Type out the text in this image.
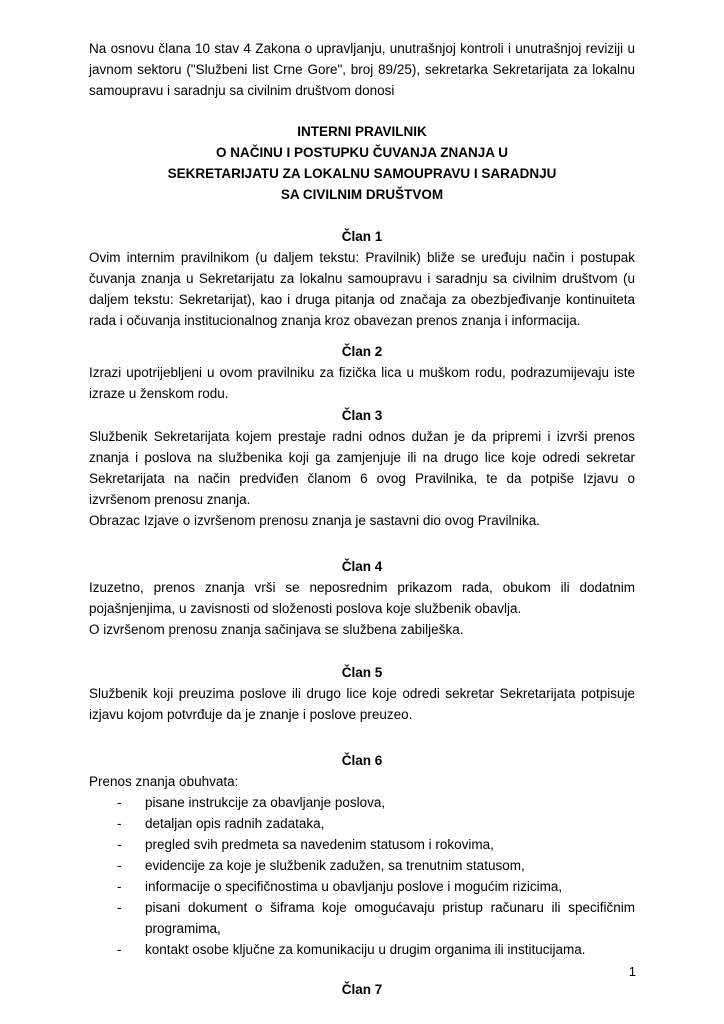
Na osnovu člana 10 stav 4 Zakona o upravljanju, unutrašnjoj kontroli i unutrašnjoj reviziji u javnom sektoru ("Službeni list Crne Gore", broj 89/25), sekretarka Sekretarijata za lokalnu samoupravu i saradnju sa civilnim društvom donosi

INTERNI PRAVILNIK
O NAČINU I POSTUPKU ČUVANJA ZNANJA U
SEKRETARIJATU ZA LOKALNU SAMOUPRAVU I SARADNJU
SA CIVILNIM DRUŠTVOM
Član 1

Ovim internim pravilnikom (u daljem tekstu: Pravilnik) bliže se uređuju način i postupak čuvanja znanja u Sekretarijatu za lokalnu samoupravu i saradnju sa civilnim društvom (u daljem tekstu: Sekretarijat), kao i druga pitanja od značaja za obezbjeđivanje kontinuiteta rada i očuvanja institucionalnog znanja kroz obavezan prenos znanja i informacija.

Član 2

Izrazi upotrijebljeni u ovom pravilniku za fizička lica u muškom rodu, podrazumijevaju iste izraze u ženskom rodu.

Član 3

Službenik Sekretarijata kojem prestaje radni odnos dužan je da pripremi i izvrši prenos znanja i poslova na službenika koji ga zamjenjuje ili na drugo lice koje odredi sekretar Sekretarijata na način predviđen članom 6 ovog Pravilnika, te da potpiše Izjavu o izvršenom prenosu znanja.

Obrazac Izjave o izvršenom prenosu znanja je sastavni dio ovog Pravilnika.

Član 4

Izuzetno, prenos znanja vrši se neposrednim prikazom rada, obukom ili dodatnim pojašnjenjima, u zavisnosti od složenosti poslova koje službenik obavlja.

O izvršenom prenosu znanja sačinjava se službena zabilješka.

Član 5

Službenik koji preuzima poslove ili drugo lice koje odredi sekretar Sekretarijata potpisuje izjavu kojom potvrđuje da je znanje i poslove preuzeo.

Član 6

Prenos znanja obuhvata:

- pisane instrukcije za obavljanje poslova,
- detaljan opis radnih zadataka,
- pregled svih predmeta sa navedenim statusom i rokovima,
- evidencije za koje je službenik zadužen, sa trenutnim statusom,
- informacije o specifičnostima u obavljanju poslove i mogućim rizicima,
- pisani dokument o šiframa koje omogućavaju pristup računaru ili specifičnim programima,
- kontakt osobe ključne za komunikaciju u drugim organima ili institucijama.
Član 7
1
